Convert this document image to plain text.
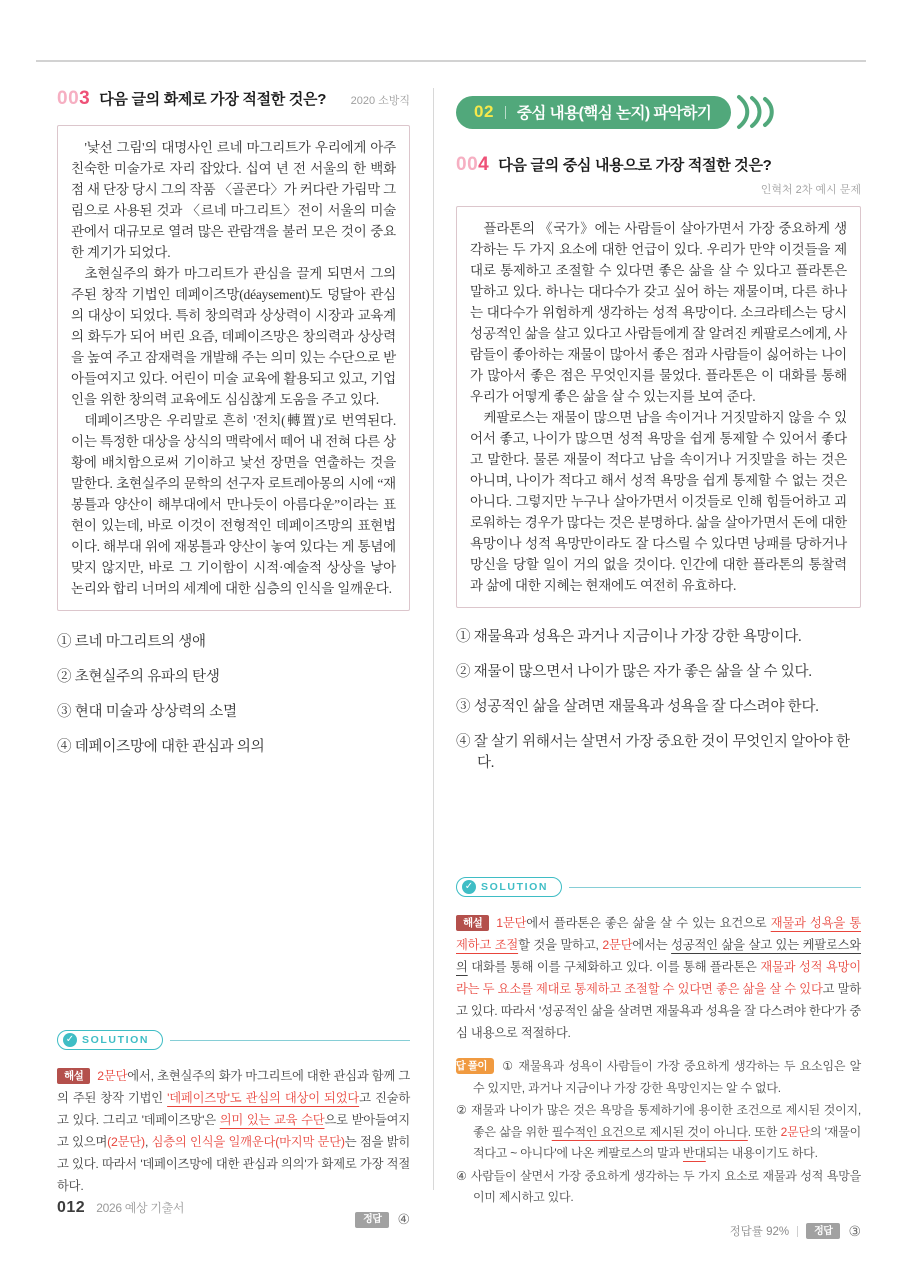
003 다음 글의 화제로 가장 적절한 것은? 2020 소방직

'낯선 그림'의 대명사인 르네 마그리트가 우리에게 아주 친숙한 미술가로 자리 잡았다. 십여 년 전 서울의 한 백화점 새 단장 당시 그의 작품 〈골콘다〉가 커다란 가림막 그림으로 사용된 것과 〈르네 마그리트〉전이 서울의 미술관에서 대규모로 열려 많은 관람객을 불러 모은 것이 중요한 계기가 되었다.

초현실주의 화가 마그리트가 관심을 끌게 되면서 그의 주된 창작 기법인 데페이즈망(déaysement)도 덩달아 관심의 대상이 되었다. 특히 창의력과 상상력이 시장과 교육계의 화두가 되어 버린 요즘, 데페이즈망은 창의력과 상상력을 높여 주고 잠재력을 개발해 주는 의미 있는 수단으로 받아들여지고 있다. 어린이 미술 교육에 활용되고 있고, 기업인을 위한 창의력 교육에도 심심찮게 도움을 주고 있다.

데페이즈망은 우리말로 흔히 '전치(轉置)'로 번역된다. 이는 특정한 대상을 상식의 맥락에서 떼어 내 전혀 다른 상황에 배치함으로써 기이하고 낯선 장면을 연출하는 것을 말한다. 초현실주의 문학의 선구자 로트레아몽의 시에 “재봉틀과 양산이 해부대에서 만나듯이 아름다운”이라는 표현이 있는데, 바로 이것이 전형적인 데페이즈망의 표현법이다. 해부대 위에 재봉틀과 양산이 놓여 있다는 게 통념에 맞지 않지만, 바로 그 기이함이 시적·예술적 상상을 낳아 논리와 합리 너머의 세계에 대한 심층의 인식을 일깨운다.

① 르네 마그리트의 생애
② 초현실주의 유파의 탄생
③ 현대 미술과 상상력의 소멸
④ 데페이즈망에 대한 관심과 의의
✓ SOLUTION
해설 2문단에서, 초현실주의 화가 마그리트에 대한 관심과 함께 그의 주된 창작 기법인 '데페이즈망'도 관심의 대상이 되었다고 진술하고 있다. 그리고 '데페이즈망'은 의미 있는 교육 수단으로 받아들여지고 있으며(2문단), 심층의 인식을 일깨운다(마지막 문단)는 점을 밝히고 있다. 따라서 '데페이즈망에 대한 관심과 의의'가 화제로 가장 적절하다.
정답	④
02 중심 내용(핵심 논지) 파악하기
004 다음 글의 중심 내용으로 가장 적절한 것은?
인혁처 2차 예시 문제

플라톤의 《국가》에는 사람들이 살아가면서 가장 중요하게 생각하는 두 가지 요소에 대한 언급이 있다. 우리가 만약 이것들을 제대로 통제하고 조절할 수 있다면 좋은 삶을 살 수 있다고 플라톤은 말하고 있다. 하나는 대다수가 갖고 싶어 하는 재물이며, 다른 하나는 대다수가 위험하게 생각하는 성적 욕망이다. 소크라테스는 당시 성공적인 삶을 살고 있다고 사람들에게 잘 알려진 케팔로스에게, 사람들이 좋아하는 재물이 많아서 좋은 점과 사람들이 싫어하는 나이가 많아서 좋은 점은 무엇인지를 물었다. 플라톤은 이 대화를 통해 우리가 어떻게 좋은 삶을 살 수 있는지를 보여 준다.

케팔로스는 재물이 많으면 남을 속이거나 거짓말하지 않을 수 있어서 좋고, 나이가 많으면 성적 욕망을 쉽게 통제할 수 있어서 좋다고 말한다. 물론 재물이 적다고 남을 속이거나 거짓말을 하는 것은 아니며, 나이가 적다고 해서 성적 욕망을 쉽게 통제할 수 없는 것은 아니다. 그렇지만 누구나 살아가면서 이것들로 인해 힘들어하고 괴로워하는 경우가 많다는 것은 분명하다. 삶을 살아가면서 돈에 대한 욕망이나 성적 욕망만이라도 잘 다스릴 수 있다면 낭패를 당하거나 망신을 당할 일이 거의 없을 것이다. 인간에 대한 플라톤의 통찰력과 삶에 대한 지혜는 현재에도 여전히 유효하다.

① 재물욕과 성욕은 과거나 지금이나 가장 강한 욕망이다.
② 재물이 많으면서 나이가 많은 자가 좋은 삶을 살 수 있다.
③ 성공적인 삶을 살려면 재물욕과 성욕을 잘 다스려야 한다.
④ 잘 살기 위해서는 살면서 가장 중요한 것이 무엇인지 알아야 한다.
✓ SOLUTION
해설 1문단에서 플라톤은 좋은 삶을 살 수 있는 요건으로 재물과 성욕을 통제하고 조절할 것을 말하고, 2문단에서는 성공적인 삶을 살고 있는 케팔로스와의 대화를 통해 이를 구체화하고 있다. 이를 통해 플라톤은 재물과 성적 욕망이라는 두 요소를 제대로 통제하고 조절할 수 있다면 좋은 삶을 살 수 있다고 말하고 있다. 따라서 '성공적인 삶을 살려면 재물욕과 성욕을 잘 다스려야 한다'가 중심 내용으로 적절하다.
오답 풀이 ① 재물욕과 성욕이 사람들이 가장 중요하게 생각하는 두 요소임은 알 수 있지만, 과거나 지금이나 가장 강한 욕망인지는 알 수 없다.
② 재물과 나이가 많은 것은 욕망을 통제하기에 용이한 조건으로 제시된 것이지, 좋은 삶을 위한 필수적인 요건으로 제시된 것이 아니다. 또한 2문단의 '재물이 적다고 ~ 아니다'에 나온 케팔로스의 말과 반대되는 내용이기도 하다.
④ 사람들이 살면서 가장 중요하게 생각하는 두 가지 요소로 재물과 성적 욕망을 이미 제시하고 있다.
정답률 92%	정답	③
012 2026 예상 기출서
